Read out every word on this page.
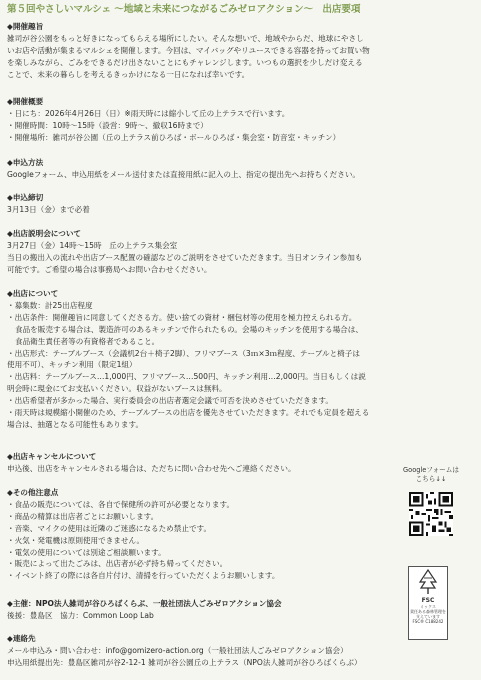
第５回やさしいマルシェ 〜地域と未来につながるごみゼロアクション〜　出店要項
◆開催趣旨
雑司が谷公園をもっと好きになってもらえる場所にしたい。そんな想いで、地域やからだ、地球にやさし
いお店や活動が集まるマルシェを開催します。今回は、マイバッグやリユースできる容器を持ってお買い物
を楽しみながら、ごみをできるだけ出さないことにもチャレンジします。いつもの選択を少しだけ変える
ことで、未来の暮らしを考えるきっかけになる一日になれば幸いです。
◆開催概要
・日にち：2026年4月26日（日）※雨天時には縮小して丘の上テラスで行います。
・開催時間：10時〜15時（設営：9時〜、撤収16時まで）
・開催場所：雑司が谷公園（丘の上テラス前ひろば・ボールひろば・集会室・防音室・キッチン）
◆申込方法
Googleフォーム、申込用紙をメール送付または直接用紙に記入の上、指定の提出先へお持ちください。
◆申込締切
3月13日（金）まで必着
◆出店説明会について
3月27日（金）14時〜15時　丘の上テラス集会室
当日の搬出入の流れや出店ブース配置の確認などのご説明をさせていただきます。当日オンライン参加も
可能です。ご希望の場合は事務局へお問い合わせください。
◆出店について
・募集数：計25出店程度
・出店条件：開催趣旨に同意してくださる方。使い捨ての資材・梱包材等の使用を極力控えられる方。
食品を販売する場合は、製造許可のあるキッチンで作られたもの。会場のキッチンを使用する場合は、
食品衛生責任者等の有資格者であること。
・出店形式：テーブルブース（会議机2台＋椅子2脚）、フリマブース（3ｍ×3ｍ程度、テーブルと椅子は
使用不可）、キッチン利用（限定1組）
・出店料：テーブルブース…1,000円、フリマブース…500円、キッチン利用…2,000円。当日もしくは説
明会時に現金にてお支払いください。収益がないブースは無料。
・出店希望者が多かった場合、実行委員会の出店者選定会議で可否を決めさせていただきます。
・雨天時は規模縮小開催のため、テーブルブースの出店を優先させていただきます。それでも定員を超える
場合は、抽選となる可能性もあります。
◆出店キャンセルについて
申込後、出店をキャンセルされる場合は、ただちに問い合わせ先へご連絡ください。
◆その他注意点
・食品の販売については、各自で保健所の許可が必要となります。
・商品の精算は出店者ごとにお願いします。
・音楽、マイクの使用は近隣のご迷惑になるため禁止です。
・火気・発電機は原則使用できません。
・電気の使用については別途ご相談願います。
・販売によって出たごみは、出店者が必ず持ち帰ってください。
・イベント終了の際には各自片付け、清掃を行っていただくようお願いします。
◆主催：NPO法人雑司が谷ひろばくらぶ、一般社団法人ごみゼロアクション協会
後援：豊島区　協力：Common Loop Lab
◆連絡先
メール申込み・問い合わせ：info@gomizero-action.org（一般社団法人ごみゼロアクション協会）
申込用紙提出先：豊島区雑司が谷2-12-1 雑司が谷公園丘の上テラス（NPO法人雑司が谷ひろばくらぶ）
Googleフォームは
こちら↓↓
FSC
ミックス
責任ある森林管理を
支えています
FSC® C188242
